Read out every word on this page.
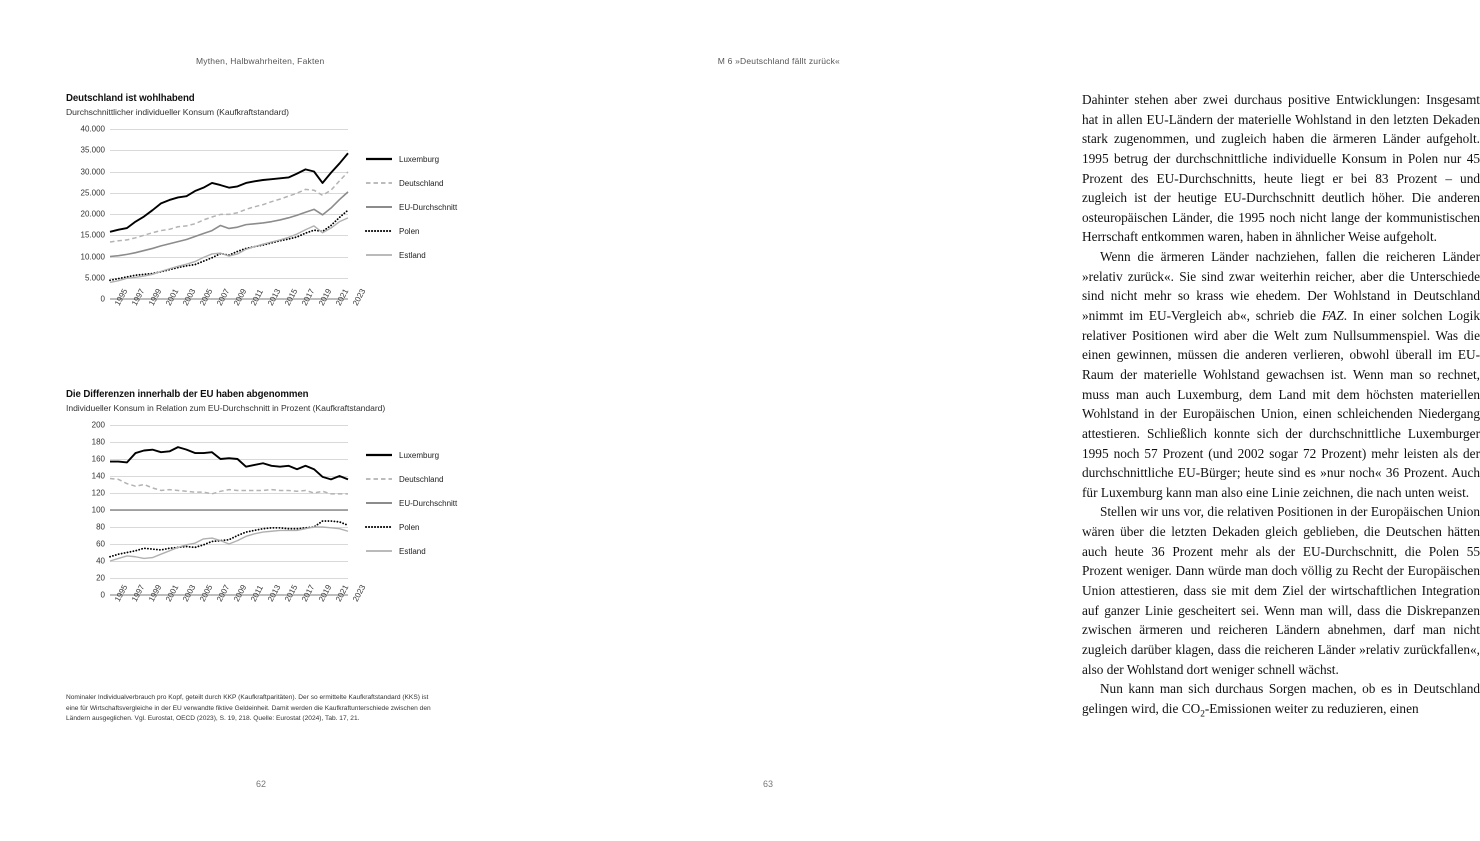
Mythen, Halbwahrheiten, Fakten
Deutschland ist wohlhabend
Durchschnittlicher individueller Konsum (Kaufkraftstandard)
0
5.000
10.000
15.000
20.000
25.000
30.000
35.000
40.000
1995 1997 1999 2001 2003 2005 2007 2009 2011 2013 2015 2017 2019 2021 2023
Luxemburg
Deutschland
EU-Durchschnitt
Polen
Estland
Die Differenzen innerhalb der EU haben abgenommen
Individueller Konsum in Relation zum EU-Durchschnitt in Prozent (Kaufkraftstandard)
0
20
40
60
80
100
120
140
160
180
200
1995 1997 1999 2001 2003 2005 2007 2009 2011 2013 2015 2017 2019 2021 2023
Luxemburg
Deutschland
EU-Durchschnitt
Polen
Estland
Nominaler Individualverbrauch pro Kopf, geteilt durch KKP (Kaufkraftparitäten). Der so ermittelte Kaufkraftstandard (KKS) ist eine für Wirtschaftsvergleiche in der EU verwandte fiktive Geldeinheit. Damit werden die Kaufkraftunterschiede zwischen den Ländern ausgeglichen. Vgl. Eurostat, OECD (2023), S. 19, 218. Quelle: Eurostat (2024), Tab. 17, 21.
62
M 6 »Deutschland fällt zurück«

Dahinter stehen aber zwei durchaus positive Entwicklungen: Insgesamt hat in allen EU-Ländern der materielle Wohlstand in den letzten Dekaden stark zugenommen, und zugleich haben die ärmeren Länder aufgeholt. 1995 betrug der durchschnittliche individuelle Konsum in Polen nur 45 Prozent des EU-Durchschnitts, heute liegt er bei 83 Prozent – und zugleich ist der heutige EU-Durchschnitt deutlich höher. Die anderen osteuropäischen Länder, die 1995 noch nicht lange der kommunistischen Herrschaft entkommen waren, haben in ähnlicher Weise aufgeholt.

Wenn die ärmeren Länder nachziehen, fallen die reicheren Länder »relativ zurück«. Sie sind zwar weiterhin reicher, aber die Unterschiede sind nicht mehr so krass wie ehedem. Der Wohlstand in Deutschland »nimmt im EU-Vergleich ab«, schrieb die FAZ. In einer solchen Logik relativer Positionen wird aber die Welt zum Nullsummenspiel. Was die einen gewinnen, müssen die anderen verlieren, obwohl überall im EU-Raum der materielle Wohlstand gewachsen ist. Wenn man so rechnet, muss man auch Luxemburg, dem Land mit dem höchsten materiellen Wohlstand in der Europäischen Union, einen schleichenden Niedergang attestieren. Schließlich konnte sich der durchschnittliche Luxemburger 1995 noch 57 Prozent (und 2002 sogar 72 Prozent) mehr leisten als der durchschnittliche EU-Bürger; heute sind es »nur noch« 36 Prozent. Auch für Luxemburg kann man also eine Linie zeichnen, die nach unten weist.

Stellen wir uns vor, die relativen Positionen in der Europäischen Union wären über die letzten Dekaden gleich geblieben, die Deutschen hätten auch heute 36 Prozent mehr als der EU-Durchschnitt, die Polen 55 Prozent weniger. Dann würde man doch völlig zu Recht der Europäischen Union attestieren, dass sie mit dem Ziel der wirtschaftlichen Integration auf ganzer Linie gescheitert sei. Wenn man will, dass die Diskrepanzen zwischen ärmeren und reicheren Ländern abnehmen, darf man nicht zugleich darüber klagen, dass die reicheren Länder »relativ zurückfallen«, also der Wohlstand dort weniger schnell wächst.

Nun kann man sich durchaus Sorgen machen, ob es in Deutschland gelingen wird, die $CO_2$-Emissionen weiter zu reduzieren, einen

63
